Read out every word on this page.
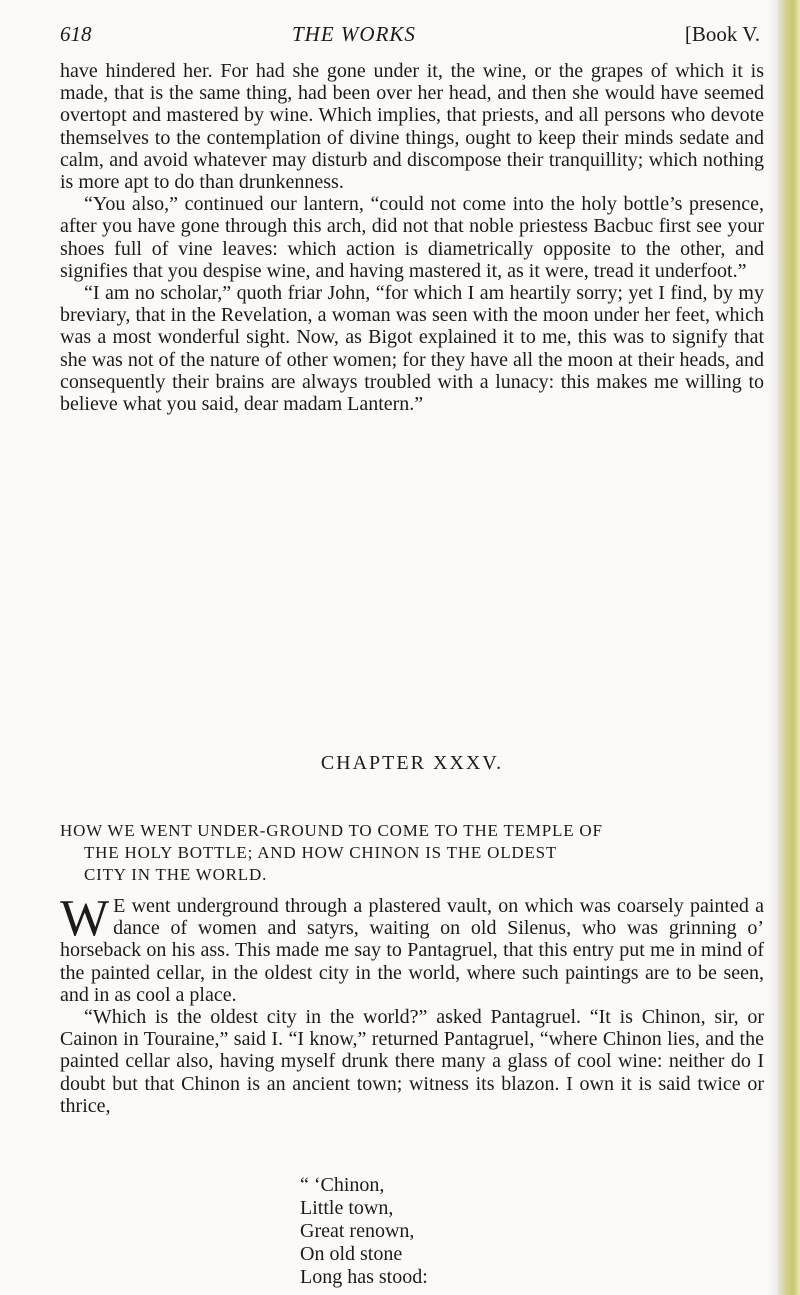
618	THE WORKS	[Book V.

have hindered her. For had she gone under it, the wine, or the grapes of which it is made, that is the same thing, had been over her head, and then she would have seemed overtopt and mastered by wine. Which implies, that priests, and all persons who devote themselves to the contemplation of divine things, ought to keep their minds sedate and calm, and avoid whatever may disturb and discompose their tranquillity; which nothing is more apt to do than drunkenness.

“You also,” continued our lantern, “could not come into the holy bottle’s presence, after you have gone through this arch, did not that noble priestess Bacbuc first see your shoes full of vine leaves: which action is diametrically opposite to the other, and signifies that you despise wine, and having mastered it, as it were, tread it underfoot.”

“I am no scholar,” quoth friar John, “for which I am heartily sorry; yet I find, by my breviary, that in the Revelation, a woman was seen with the moon under her feet, which was a most wonderful sight. Now, as Bigot explained it to me, this was to signify that she was not of the nature of other women; for they have all the moon at their heads, and consequently their brains are always troubled with a lunacy: this makes me willing to believe what you said, dear madam Lantern.”

CHAPTER XXXV.
HOW WE WENT UNDER-GROUND TO COME TO THE TEMPLE OF
THE HOLY BOTTLE; AND HOW CHINON IS THE OLDEST
CITY IN THE WORLD.

W E went underground through a plastered vault, on which was coarsely painted a dance of women and satyrs, waiting on old Silenus, who was grinning o’ horseback on his ass. This made me say to Pantagruel, that this entry put me in mind of the painted cellar, in the oldest city in the world, where such paintings are to be seen, and in as cool a place.

“Which is the oldest city in the world?” asked Pantagruel. “It is Chinon, sir, or Cainon in Touraine,” said I. “I know,” returned Pantagruel, “where Chinon lies, and the painted cellar also, having myself drunk there many a glass of cool wine: neither do I doubt but that Chinon is an ancient town; witness its blazon. I own it is said twice or thrice,

“ ‘Chinon,
Little town,
Great renown,
On old stone
Long has stood:
